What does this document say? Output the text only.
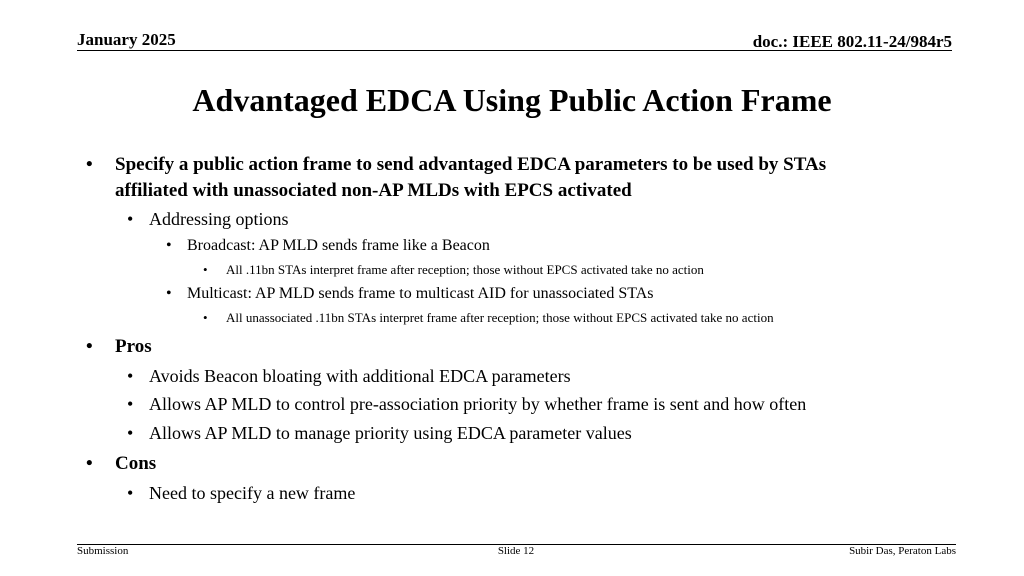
January 2025	doc.: IEEE 802.11-24/984r5
Advantaged EDCA Using Public Action Frame
• Specify a public action frame to send advantaged EDCA parameters to be used by STAs
affiliated with unassociated non-AP MLDs with EPCS activated
• Addressing options
• Broadcast: AP MLD sends frame like a Beacon
• All .11bn STAs interpret frame after reception; those without EPCS activated take no action
• Multicast: AP MLD sends frame to multicast AID for unassociated STAs
• All unassociated .11bn STAs interpret frame after reception; those without EPCS activated take no action
• Pros
• Avoids Beacon bloating with additional EDCA parameters
• Allows AP MLD to control pre-association priority by whether frame is sent and how often
• Allows AP MLD to manage priority using EDCA parameter values
• Cons
• Need to specify a new frame
Submission	Slide 12	Subir Das, Peraton Labs
